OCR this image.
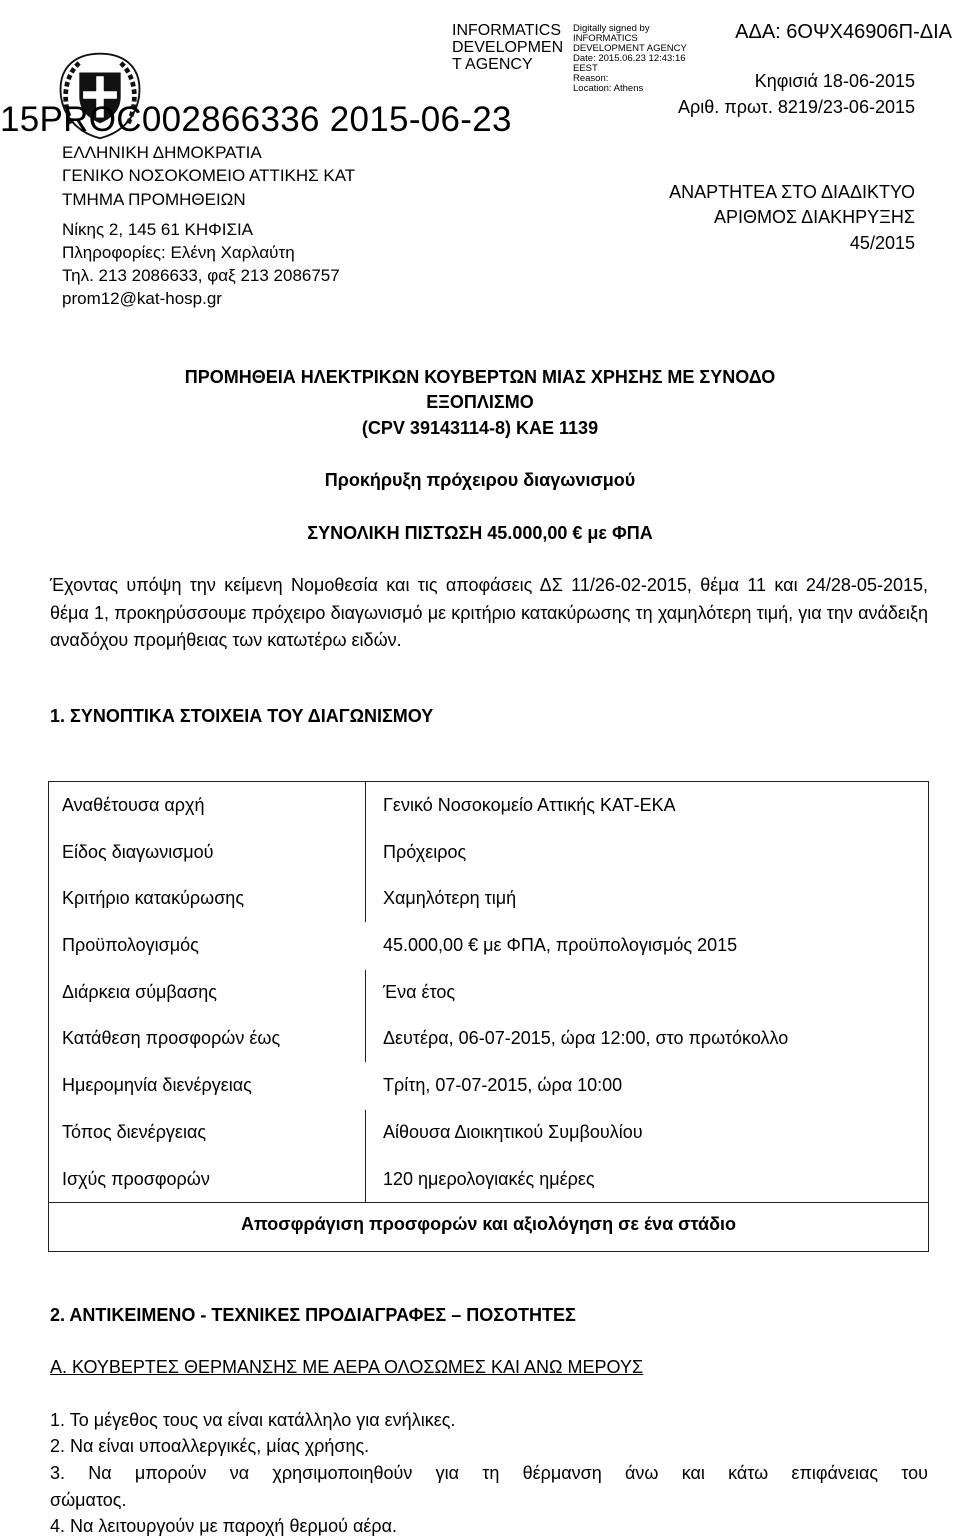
INFORMATICS DEVELOPMEN T AGENCY
Digitally signed by
INFORMATICS
DEVELOPMENT AGENCY
Date: 2015.06.23 12:43:16
EEST
Reason:
Location: Athens
ΑΔΑ: 6ΟΨΧ46906Π-ΔΙΑ
15PROC002866336 2015-06-23
Κηφισιά 18-06-2015
Αριθ. πρωτ. 8219/23-06-2015
ΕΛΛΗΝΙΚΗ ΔΗΜΟΚΡΑΤΙΑ
ΓΕΝΙΚΟ ΝΟΣΟΚΟΜΕΙΟ ΑΤΤΙΚΗΣ ΚΑΤ
ΤΜΗΜΑ ΠΡΟΜΗΘΕΙΩΝ
Νίκης 2, 145 61 ΚΗΦΙΣΙΑ
Πληροφορίες: Ελένη Χαρλαύτη
Τηλ. 213 2086633, φαξ 213 2086757
prom12@kat-hosp.gr
ΑΝΑΡΤΗΤΕΑ ΣΤΟ ΔΙΑΔΙΚΤΥΟ
ΑΡΙΘΜΟΣ ΔΙΑΚΗΡΥΞΗΣ
45/2015
ΠΡΟΜΗΘΕΙΑ ΗΛΕΚΤΡΙΚΩΝ ΚΟΥΒΕΡΤΩΝ ΜΙΑΣ ΧΡΗΣΗΣ ΜΕ ΣΥΝΟΔΟ
ΕΞΟΠΛΙΣΜΟ
(CPV 39143114-8) ΚΑΕ 1139
Προκήρυξη πρόχειρου διαγωνισμού
ΣΥΝΟΛΙΚΗ ΠΙΣΤΩΣΗ 45.000,00 € με ΦΠΑ
Έχοντας υπόψη την κείμενη Νομοθεσία και τις αποφάσεις ΔΣ 11/26-02-2015, θέμα 11 και 24/28-05-2015, θέμα 1, προκηρύσσουμε πρόχειρο διαγωνισμό με κριτήριο κατακύρωσης τη χαμηλότερη τιμή, για την ανάδειξη αναδόχου προμήθειας των κατωτέρω ειδών.
1. ΣΥΝΟΠΤΙΚΑ ΣΤΟΙΧΕΙΑ ΤΟΥ ΔΙΑΓΩΝΙΣΜΟΥ
Αναθέτουσα αρχή	Γενικό Νοσοκομείο Αττικής ΚΑΤ-ΕΚΑ
Είδος διαγωνισμού	Πρόχειρος
Κριτήριο κατακύρωσης	Χαμηλότερη τιμή
Προϋπολογισμός	45.000,00 € με ΦΠΑ, προϋπολογισμός 2015
Διάρκεια σύμβασης	Ένα έτος
Κατάθεση προσφορών έως	Δευτέρα, 06-07-2015, ώρα 12:00, στο πρωτόκολλο
Ημερομηνία διενέργειας	Τρίτη, 07-07-2015, ώρα 10:00
Τόπος διενέργειας	Αίθουσα Διοικητικού Συμβουλίου
Ισχύς προσφορών	120 ημερολογιακές ημέρες
Αποσφράγιση προσφορών και αξιολόγηση σε ένα στάδιο
2. ΑΝΤΙΚΕΙΜΕΝΟ - ΤΕΧΝΙΚΕΣ ΠΡΟΔΙΑΓΡΑΦΕΣ – ΠΟΣΟΤΗΤΕΣ
Α. ΚΟΥΒΕΡΤΕΣ ΘΕΡΜΑΝΣΗΣ ΜΕ ΑΕΡΑ ΟΛΟΣΩΜΕΣ ΚΑΙ ΑΝΩ ΜΕΡΟΥΣ
1. Το μέγεθος τους να είναι κατάλληλο για ενήλικες.
2. Να είναι υποαλλεργικές, μίας χρήσης.
3. Να μπορούν να χρησιμοποιηθούν για τη θέρμανση άνω και κάτω επιφάνειας του
σώματος.
4. Να λειτουργούν με παροχή θερμού αέρα.
